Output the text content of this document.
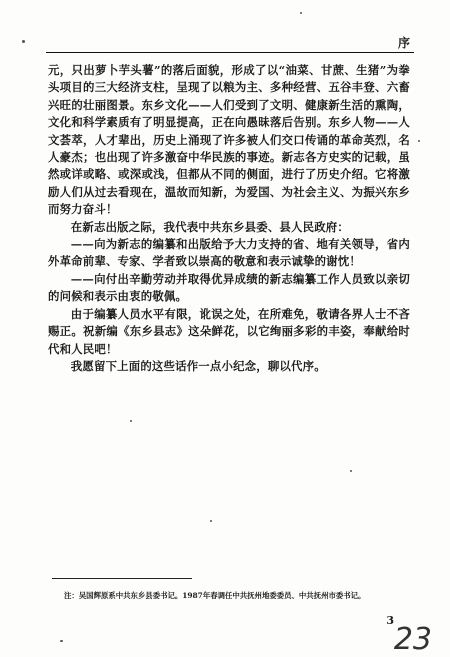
序

元，只出萝卜芋头薯”的落后面貌，形成了以“油菜、甘蔗、生猪”为拳头项目的三大经济支柱，呈现了以粮为主、多种经营、五谷丰登、六畜兴旺的壮丽图景。东乡文化——人们受到了文明、健康新生活的熏陶，文化和科学素质有了明显提高，正在向愚昧落后告别。东乡人物——人文荟萃，人才辈出，历史上涌现了许多被人们交口传诵的革命英烈，名人豪杰；也出现了许多激奋中华民族的事迹。新志各方史实的记载，虽然或详或略、或深或浅，但都从不同的侧面，进行了历史介绍。它将激励人们从过去看现在，温故而知新，为爱国、为社会主义、为振兴东乡而努力奋斗！

在新志出版之际，我代表中共东乡县委、县人民政府：

——向为新志的编纂和出版给予大力支持的省、地有关领导，省内外革命前辈、专家、学者致以崇高的敬意和表示诚挚的谢忱！

——向付出辛勤劳动并取得优异成绩的新志编纂工作人员致以亲切的问候和表示由衷的敬佩。

由于编纂人员水平有限，讹误之处，在所难免，敬请各界人士不吝赐正。祝新编《东乡县志》这朵鲜花，以它绚丽多彩的丰姿，奉献给时代和人民吧！

我愿留下上面的这些话作一点小纪念，聊以代序。

注：吴国辉原系中共东乡县委书记。1987年春调任中共抚州地委委员、中共抚州市委书记。
3
23
